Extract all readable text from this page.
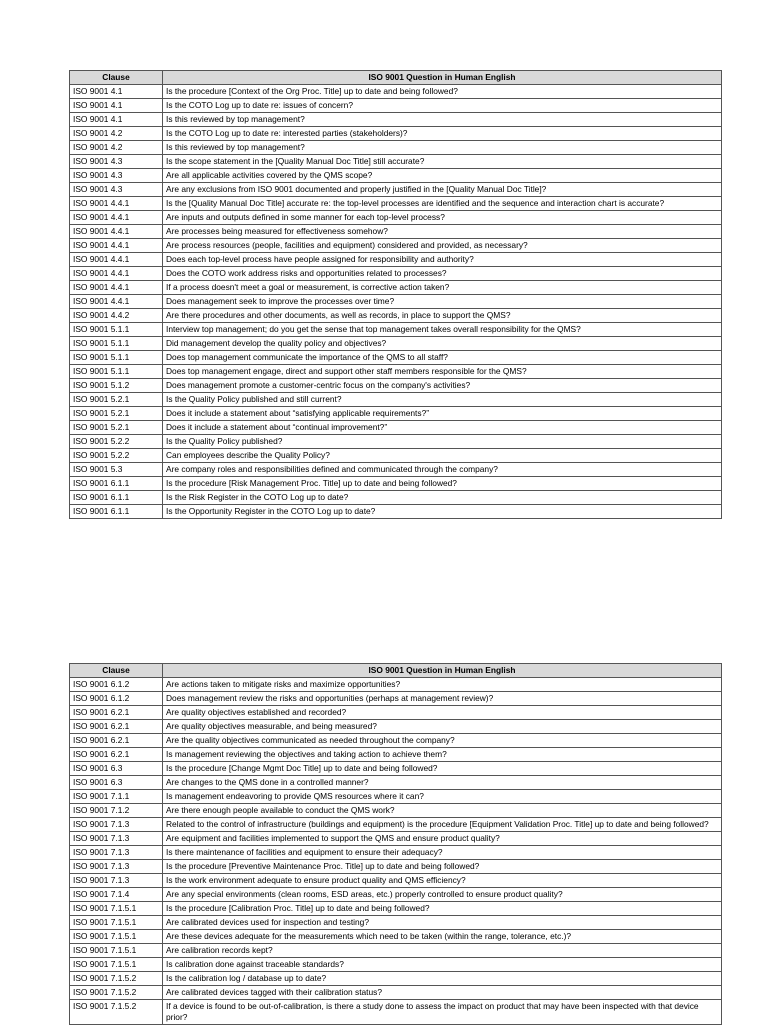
Clause	ISO 9001 Question in Human English
ISO 9001 4.1	Is the procedure [Context of the Org Proc. Title] up to date and being followed?
ISO 9001 4.1	Is the COTO Log up to date re: issues of concern?
ISO 9001 4.1	Is this reviewed by top management?
ISO 9001 4.2	Is the COTO Log up to date re: interested parties (stakeholders)?
ISO 9001 4.2	Is this reviewed by top management?
ISO 9001 4.3	Is the scope statement in the [Quality Manual Doc Title] still accurate?
ISO 9001 4.3	Are all applicable activities covered by the QMS scope?
ISO 9001 4.3	Are any exclusions from ISO 9001 documented and properly justified in the [Quality Manual Doc Title]?
ISO 9001 4.4.1	Is the [Quality Manual Doc Title] accurate re: the top-level processes are identified and the sequence and interaction chart is accurate?
ISO 9001 4.4.1	Are inputs and outputs defined in some manner for each top-level process?
ISO 9001 4.4.1	Are processes being measured for effectiveness somehow?
ISO 9001 4.4.1	Are process resources (people, facilities and equipment) considered and provided, as necessary?
ISO 9001 4.4.1	Does each top-level process have people assigned for responsibility and authority?
ISO 9001 4.4.1	Does the COTO work address risks and opportunities related to processes?
ISO 9001 4.4.1	If a process doesn't meet a goal or measurement, is corrective action taken?
ISO 9001 4.4.1	Does management seek to improve the processes over time?
ISO 9001 4.4.2	Are there procedures and other documents, as well as records, in place to support the QMS?
ISO 9001 5.1.1	Interview top management; do you get the sense that top management takes overall responsibility for the QMS?
ISO 9001 5.1.1	Did management develop the quality policy and objectives?
ISO 9001 5.1.1	Does top management communicate the importance of the QMS to all staff?
ISO 9001 5.1.1	Does top management engage, direct and support other staff members responsible for the QMS?
ISO 9001 5.1.2	Does management promote a customer-centric focus on the company's activities?
ISO 9001 5.2.1	Is the Quality Policy published and still current?
ISO 9001 5.2.1	Does it include a statement about “satisfying applicable requirements?”
ISO 9001 5.2.1	Does it include a statement about “continual improvement?”
ISO 9001 5.2.2	Is the Quality Policy published?
ISO 9001 5.2.2	Can employees describe the Quality Policy?
ISO 9001 5.3	Are company roles and responsibilities defined and communicated through the company?
ISO 9001 6.1.1	Is the procedure [Risk Management Proc. Title] up to date and being followed?
ISO 9001 6.1.1	Is the Risk Register in the COTO Log up to date?
ISO 9001 6.1.1	Is the Opportunity Register in the COTO Log up to date?
Clause	ISO 9001 Question in Human English
ISO 9001 6.1.2	Are actions taken to mitigate risks and maximize opportunities?
ISO 9001 6.1.2	Does management review the risks and opportunities (perhaps at management review)?
ISO 9001 6.2.1	Are quality objectives established and recorded?
ISO 9001 6.2.1	Are quality objectives measurable, and being measured?
ISO 9001 6.2.1	Are the quality objectives communicated as needed throughout the company?
ISO 9001 6.2.1	Is management reviewing the objectives and taking action to achieve them?
ISO 9001 6.3	Is the procedure [Change Mgmt Doc Title] up to date and being followed?
ISO 9001 6.3	Are changes to the QMS done in a controlled manner?
ISO 9001 7.1.1	Is management endeavoring to provide QMS resources where it can?
ISO 9001 7.1.2	Are there enough people available to conduct the QMS work?
ISO 9001 7.1.3	Related to the control of infrastructure (buildings and equipment) is the procedure [Equipment Validation Proc. Title] up to date and being followed?
ISO 9001 7.1.3	Are equipment and facilities implemented to support the QMS and ensure product quality?
ISO 9001 7.1.3	Is there maintenance of facilities and equipment to ensure their adequacy?
ISO 9001 7.1.3	Is the procedure [Preventive Maintenance Proc. Title] up to date and being followed?
ISO 9001 7.1.3	Is the work environment adequate to ensure product quality and QMS efficiency?
ISO 9001 7.1.4	Are any special environments (clean rooms, ESD areas, etc.) properly controlled to ensure product quality?
ISO 9001 7.1.5.1	Is the procedure [Calibration Proc. Title] up to date and being followed?
ISO 9001 7.1.5.1	Are calibrated devices used for inspection and testing?
ISO 9001 7.1.5.1	Are these devices adequate for the measurements which need to be taken (within the range, tolerance, etc.)?
ISO 9001 7.1.5.1	Are calibration records kept?
ISO 9001 7.1.5.1	Is calibration done against traceable standards?
ISO 9001 7.1.5.2	Is the calibration log / database up to date?
ISO 9001 7.1.5.2	Are calibrated devices tagged with their calibration status?
ISO 9001 7.1.5.2	If a device is found to be out-of-calibration, is there a study done to assess the impact on product that may have been inspected with that device prior?
